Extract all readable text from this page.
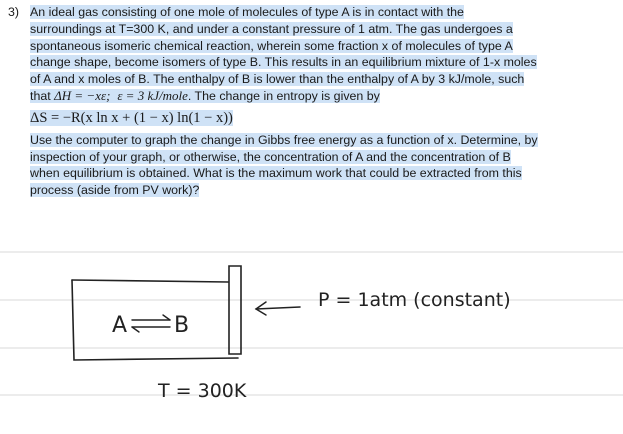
3) An ideal gas consisting of one mole of molecules of type A is in contact with the
surroundings at T=300 K, and under a constant pressure of 1 atm. The gas undergoes a
spontaneous isomeric chemical reaction, wherein some fraction x of molecules of type A
change shape, become isomers of type B. This results in an equilibrium mixture of 1-x moles
of A and x moles of B. The enthalpy of B is lower than the enthalpy of A by 3 kJ/mole, such
that ΔH = −xε; ε = 3 kJ/mole. The change in entropy is given by
ΔS = −R(x ln x + (1 − x) ln(1 − x))
Use the computer to graph the change in Gibbs free energy as a function of x. Determine, by
inspection of your graph, or otherwise, the concentration of A and the concentration of B
when equilibrium is obtained. What is the maximum work that could be extracted from this
process (aside from PV work)?
A B
P = 1atm (constant)
T = 300K
